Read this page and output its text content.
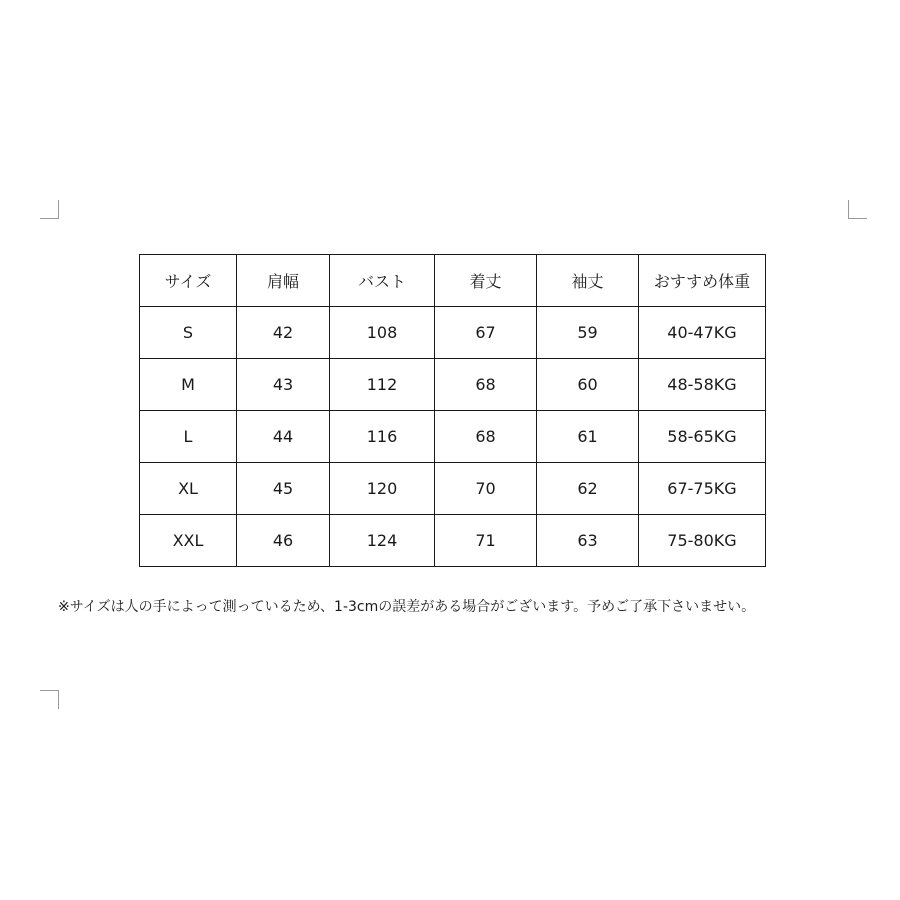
サイズ	肩幅	バスト	着丈	袖丈	おすすめ体重
S	42	108	67	59	40-47KG
M	43	112	68	60	48-58KG
L	44	116	68	61	58-65KG
XL	45	120	70	62	67-75KG
XXL	46	124	71	63	75-80KG
※サイズは人の手によって測っているため、1-3cmの誤差がある場合がございます。予めご了承下さいませい。
